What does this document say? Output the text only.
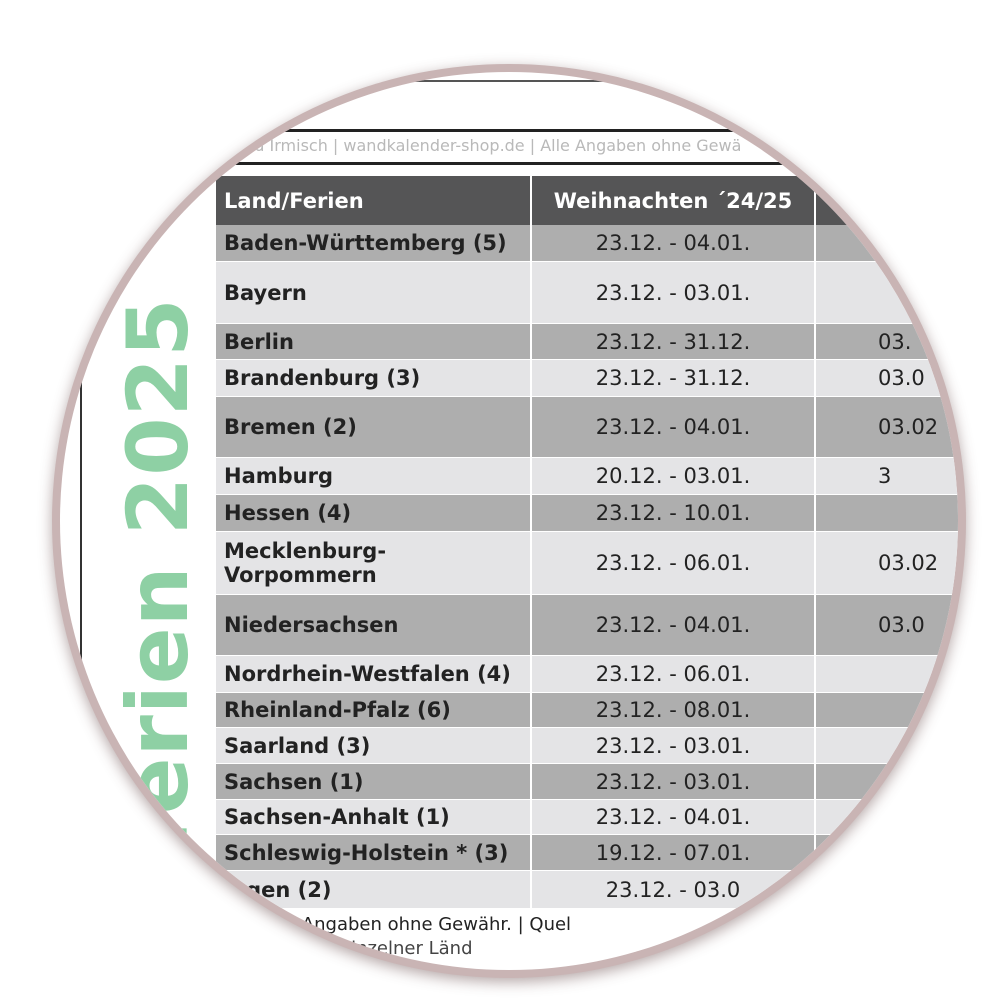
sand Irmisch | wandkalender-shop.de | Alle Angaben ohne Gewä
ulferien 2025
Land/Ferien	Weihnachten ´24/25
Baden-Württemberg (5)	23.12. - 04.01.
Bayern	23.12. - 03.01.
Berlin	23.12. - 31.12.	03.
Brandenburg (3)	23.12. - 31.12.	03.0
Bremen (2)	23.12. - 04.01.	03.02
Hamburg	20.12. - 03.01.	3
Hessen (4)	23.12. - 10.01.
Mecklenburg-Vorpommern	23.12. - 06.01.	03.02
Niedersachsen	23.12. - 04.01.	03.0
Nordrhein-Westfalen (4)	23.12. - 06.01.
Rheinland-Pfalz (6)	23.12. - 08.01.
Saarland (3)	23.12. - 03.01.
Sachsen (1)	23.12. - 03.01.
Sachsen-Anhalt (1)	23.12. - 04.01.
Schleswig-Holstein * (3)	19.12. - 07.01.
ingen (2)	23.12. - 03.0
23| Alle Angaben ohne Gewähr. | Quel
einzelner Länd
